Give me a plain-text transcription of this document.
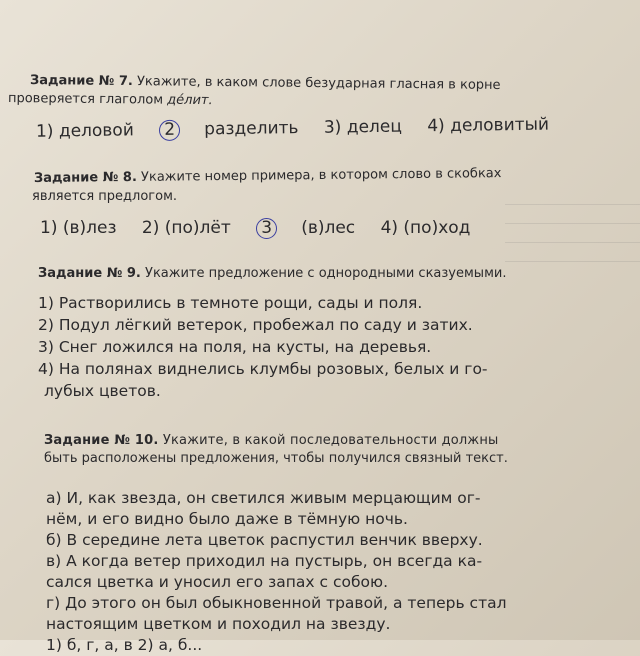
Задание № 7. Укажите, в каком слове безударная гласная в корне
проверяется глаголом дéлит.
1) деловой 2 разделить 3) делец 4) деловитый
Задание № 8. Укажите номер примера, в котором слово в скобках
является предлогом.
1) (в)лез 2) (по)лёт 3 (в)лес 4) (по)ход
Задание № 9. Укажите предложение с однородными сказуемыми.
1) Растворились в темноте рощи, сады и поля.
2) Подул лёгкий ветерок, пробежал по саду и затих.
3) Снег ложился на поля, на кусты, на деревья.
4) На полянах виднелись клумбы розовых, белых и го-
лубых цветов.
Задание № 10. Укажите, в какой последовательности должны
быть расположены предложения, чтобы получился связный текст.
а) И, как звезда, он светился живым мерцающим ог-
нём, и его видно было даже в тёмную ночь.
б) В середине лета цветок распустил венчик вверху.
в) А когда ветер приходил на пустырь, он всегда ка-
сался цветка и уносил его запах с собою.
г) До этого он был обыкновенной травой, а теперь стал
настоящим цветком и походил на звезду.
1) б, г, а, в 2) а, б...
